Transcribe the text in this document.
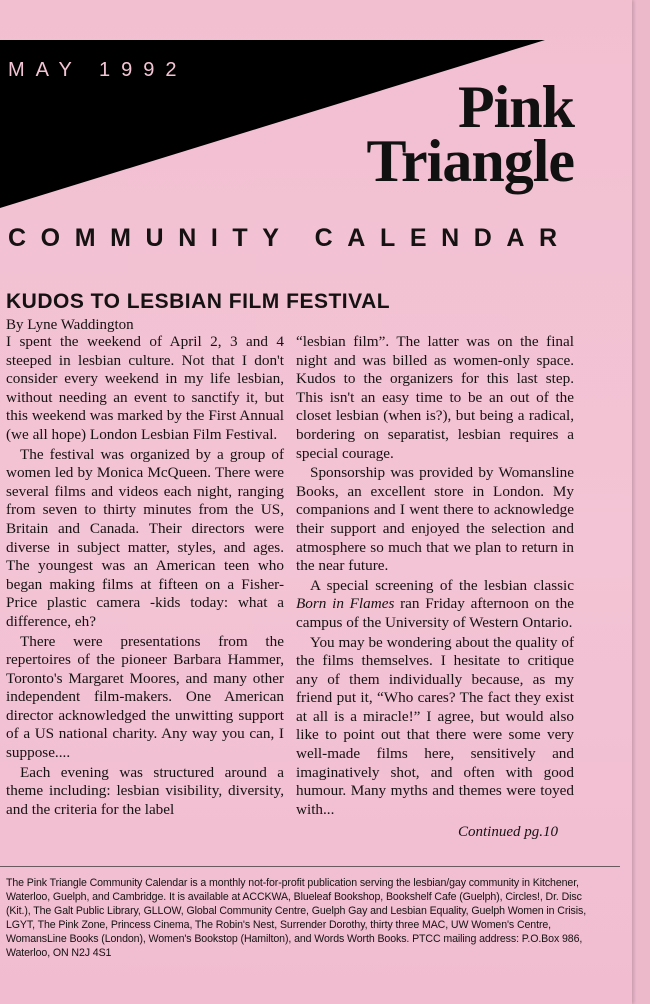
MAY 1992
Pink
Triangle
COMMUNITY CALENDAR
KUDOS TO LESBIAN FILM FESTIVAL
By Lyne Waddington

I spent the weekend of April 2, 3 and 4 steeped in lesbian culture. Not that I don't consider every weekend in my life lesbian, without needing an event to sanctify it, but this weekend was marked by the First Annual (we all hope) London Lesbian Film Festival.

The festival was organized by a group of women led by Monica McQueen. There were several films and videos each night, ranging from seven to thirty minutes from the US, Britain and Canada. Their directors were diverse in subject matter, styles, and ages. The youngest was an American teen who began making films at fifteen on a Fisher-Price plastic camera -kids today: what a difference, eh?

There were presentations from the repertoires of the pioneer Barbara Hammer, Toronto's Margaret Moores, and many other independent film-makers. One American director acknowledged the unwitting support of a US national charity. Any way you can, I suppose....

Each evening was structured around a theme including: lesbian visibility, diversity, and the criteria for the label

“lesbian film”. The latter was on the final night and was billed as women-only space. Kudos to the organizers for this last step. This isn't an easy time to be an out of the closet lesbian (when is?), but being a radical, bordering on separatist, lesbian requires a special courage.

Sponsorship was provided by Womansline Books, an excellent store in London. My companions and I went there to acknowledge their support and enjoyed the selection and atmosphere so much that we plan to return in the near future.

A special screening of the lesbian classic Born in Flames ran Friday afternoon on the campus of the University of Western Ontario.

You may be wondering about the quality of the films themselves. I hesitate to critique any of them individually because, as my friend put it, “Who cares? The fact they exist at all is a miracle!” I agree, but would also like to point out that there were some very well-made films here, sensitively and imaginatively shot, and often with good humour. Many myths and themes were toyed with...

Continued pg.10
The Pink Triangle Community Calendar is a monthly not-for-profit publication serving the lesbian/gay community in Kitchener, Waterloo, Guelph, and Cambridge. It is available at ACCKWA, Blueleaf Bookshop, Bookshelf Cafe (Guelph), Circles!, Dr. Disc (Kit.), The Galt Public Library, GLLOW, Global Community Centre, Guelph Gay and Lesbian Equality, Guelph Women in Crisis, LGYT, The Pink Zone, Princess Cinema, The Robin's Nest, Surrender Dorothy, thirty three MAC, UW Women's Centre, WomansLine Books (London), Women's Bookstop (Hamilton), and Words Worth Books. PTCC mailing address: P.O.Box 986, Waterloo, ON N2J 4S1
